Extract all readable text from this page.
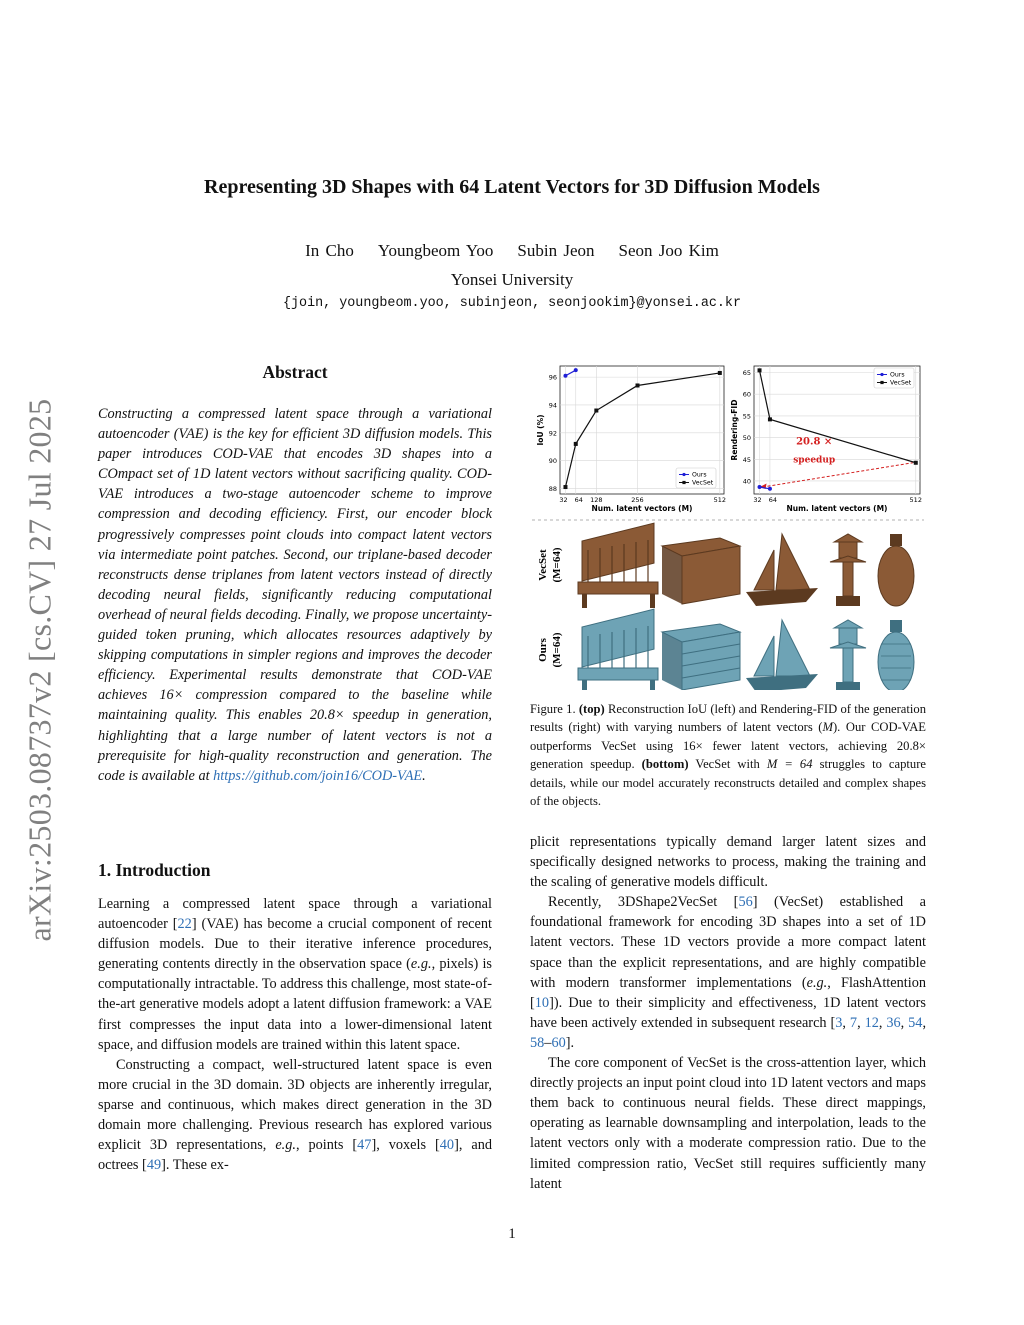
Representing 3D Shapes with 64 Latent Vectors for 3D Diffusion Models
In Cho Youngbeom Yoo Subin Jeon Seon Joo Kim
Yonsei University
{join, youngbeom.yoo, subinjeon, seonjookim}@yonsei.ac.kr
arXiv:2503.08737v2 [cs.CV] 27 Jul 2025
Abstract
Constructing a compressed latent space through a variational autoencoder (VAE) is the key for efficient 3D diffusion models. This paper introduces COD-VAE that encodes 3D shapes into a COmpact set of 1D latent vectors without sacrificing quality. COD-VAE introduces a two-stage autoencoder scheme to improve compression and decoding efficiency. First, our encoder block progressively compresses point clouds into compact latent vectors via intermediate point patches. Second, our triplane-based decoder reconstructs dense triplanes from latent vectors instead of directly decoding neural fields, significantly reducing computational overhead of neural fields decoding. Finally, we propose uncertainty-guided token pruning, which allocates resources adaptively by skipping computations in simpler regions and improves the decoder efficiency. Experimental results demonstrate that COD-VAE achieves 16× compression compared to the baseline while maintaining quality. This enables 20.8× speedup in generation, highlighting that a large number of latent vectors is not a prerequisite for high-quality reconstruction and generation. The code is available at https://github.com/join16/COD-VAE.
1. Introduction

Learning a compressed latent space through a variational autoencoder [22] (VAE) has become a crucial component of recent diffusion models. Due to their iterative inference procedures, generating contents directly in the observation space (e.g., pixels) is computationally intractable. To address this challenge, most state-of-the-art generative models adopt a latent diffusion framework: a VAE first compresses the input data into a lower-dimensional latent space, and diffusion models are trained within this latent space.

Constructing a compact, well-structured latent space is even more crucial in the 3D domain. 3D objects are inherently irregular, sparse and continuous, which makes direct generation in the 3D domain more challenging. Previous research has explored various explicit 3D representations, e.g., points [47], voxels [40], and octrees [49]. These ex-

plicit representations typically demand larger latent sizes and specifically designed networks to process, making the training and the scaling of generative models difficult.

Recently, 3DShape2VecSet [56] (VecSet) established a foundational framework for encoding 3D shapes into a set of 1D latent vectors. These 1D vectors provide a more compact latent space than the explicit representations, and are highly compatible with modern transformer implementations (e.g., FlashAttention [10]). Due to their simplicity and effectiveness, 1D latent vectors have been actively extended in subsequent research [3, 7, 12, 36, 54, 58–60].

The core component of VecSet is the cross-attention layer, which directly projects an input point cloud into 1D latent vectors and maps them back to continuous neural fields. These direct mappings, operating as learnable downsampling and interpolation, leads to the latent vectors only with a moderate compression ratio. Due to the limited compression ratio, VecSet still requires sufficiently many latent

88
90
92
94
96
32 64 128	256	512
Num. latent vectors (M)
IoU (%)
Ours
VecSet	40
45
50
55
60
65
32 64	512
Num. latent vectors (M)
Rendering-FID	20.8 ×
speedup
Ours
VecSet
VecSet (M=64)
Ours (M=64)
Figure 1. (top) Reconstruction IoU (left) and Rendering-FID of the generation results (right) with varying numbers of latent vectors (M). Our COD-VAE outperforms VecSet using 16× fewer latent vectors, achieving 20.8× generation speedup. (bottom) VecSet with M = 64 struggles to capture details, while our model accurately reconstructs detailed and complex shapes of the objects.
1
